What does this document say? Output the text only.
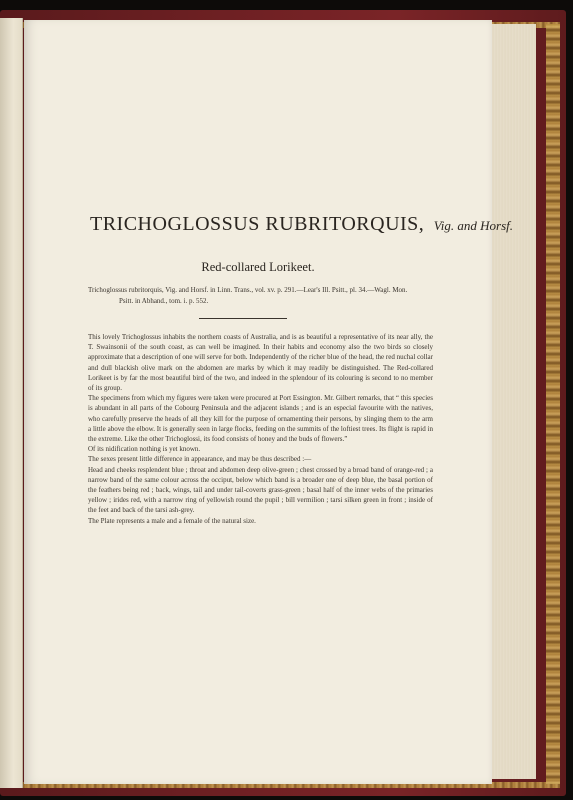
TRICHOGLOSSUS RUBRITORQUIS, Vig. and Horsf.
Red-collared Lorikeet.
Trichoglossus rubritorquis, Vig. and Horsf. in Linn. Trans., vol. xv. p. 291.—Lear's Ill. Psitt., pl. 34.—Wagl. Mon.
Psitt. in Abhand., tom. i. p. 552.

This lovely Trichoglossus inhabits the northern coasts of Australia, and is as beautiful a representative of its near ally, the T. Swainsonii of the south coast, as can well be imagined. In their habits and economy also the two birds so closely approximate that a description of one will serve for both. Independently of the richer blue of the head, the red nuchal collar and dull blackish olive mark on the abdomen are marks by which it may readily be distinguished. The Red-collared Lorikeet is by far the most beautiful bird of the two, and indeed in the splendour of its colouring is second to no member of its group.

The specimens from which my figures were taken were procured at Port Essington. Mr. Gilbert remarks, that “ this species is abundant in all parts of the Cobourg Peninsula and the adjacent islands ; and is an especial favourite with the natives, who carefully preserve the heads of all they kill for the purpose of ornamenting their persons, by slinging them to the arm a little above the elbow. It is generally seen in large flocks, feeding on the summits of the loftiest trees. Its flight is rapid in the extreme. Like the other Trichoglossi, its food consists of honey and the buds of flowers.”

Of its nidification nothing is yet known.

The sexes present little difference in appearance, and may be thus described :—

Head and cheeks resplendent blue ; throat and abdomen deep olive-green ; chest crossed by a broad band of orange-red ; a narrow band of the same colour across the occiput, below which band is a broader one of deep blue, the basal portion of the feathers being red ; back, wings, tail and under tail-coverts grass-green ; basal half of the inner webs of the primaries yellow ; irides red, with a narrow ring of yellowish round the pupil ; bill vermilion ; tarsi silken green in front ; inside of the feet and back of the tarsi ash-grey.

The Plate represents a male and a female of the natural size.
